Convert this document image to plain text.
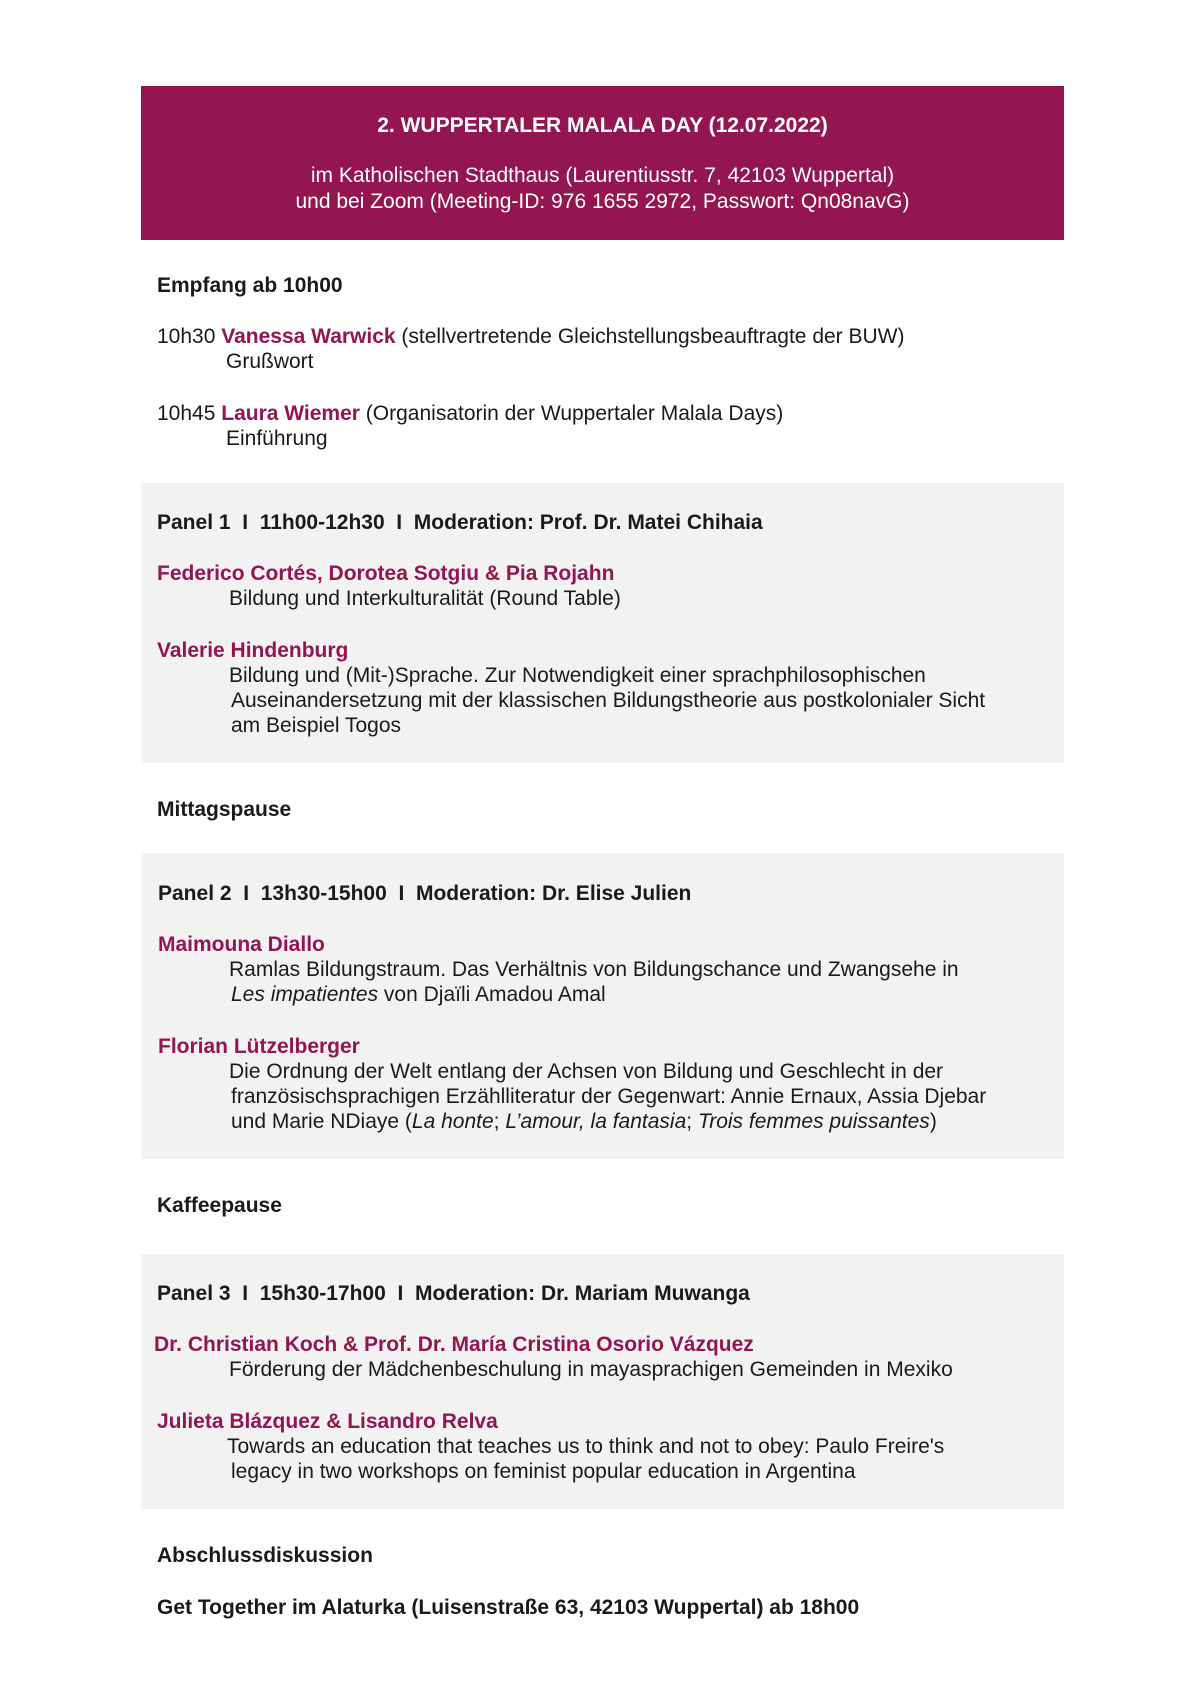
2. WUPPERTALER MALALA DAY (12.07.2022)
im Katholischen Stadthaus (Laurentiusstr. 7, 42103 Wuppertal)
und bei Zoom (Meeting-ID: 976 1655 2972, Passwort: Qn08navG)
Empfang ab 10h00
10h30 Vanessa Warwick (stellvertretende Gleichstellungsbeauftragte der BUW)
Grußwort
10h45 Laura Wiemer (Organisatorin der Wuppertaler Malala Days)
Einführung
Panel 1  I  11h00-12h30  I  Moderation: Prof. Dr. Matei Chihaia
Federico Cortés, Dorotea Sotgiu & Pia Rojahn
Bildung und Interkulturalität (Round Table)
Valerie Hindenburg
Bildung und (Mit-)Sprache. Zur Notwendigkeit einer sprachphilosophischen
Auseinandersetzung mit der klassischen Bildungstheorie aus postkolonialer Sicht
am Beispiel Togos
Mittagspause
Panel 2  I  13h30-15h00  I  Moderation: Dr. Elise Julien
Maimouna Diallo
Ramlas Bildungstraum. Das Verhältnis von Bildungschance und Zwangsehe in
Les impatientes von Djaïli Amadou Amal
Florian Lützelberger
Die Ordnung der Welt entlang der Achsen von Bildung und Geschlecht in der
französischsprachigen Erzählliteratur der Gegenwart: Annie Ernaux, Assia Djebar
und Marie NDiaye (La honte; L’amour, la fantasia; Trois femmes puissantes)
Kaffeepause
Panel 3  I  15h30-17h00  I  Moderation: Dr. Mariam Muwanga
Dr. Christian Koch & Prof. Dr. María Cristina Osorio Vázquez
Förderung der Mädchenbeschulung in mayasprachigen Gemeinden in Mexiko
Julieta Blázquez & Lisandro Relva
Towards an education that teaches us to think and not to obey: Paulo Freire's
legacy in two workshops on feminist popular education in Argentina
Abschlussdiskussion
Get Together im Alaturka (Luisenstraße 63, 42103 Wuppertal) ab 18h00
